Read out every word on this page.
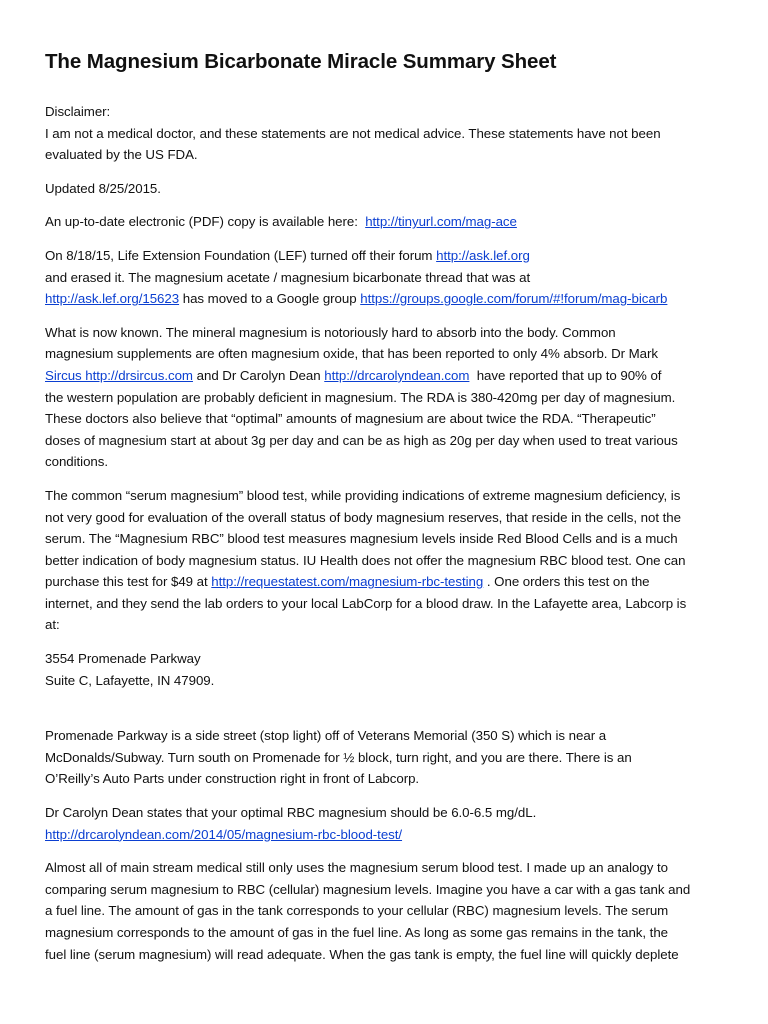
The Magnesium Bicarbonate Miracle Summary Sheet
Disclaimer:
I am not a medical doctor, and these statements are not medical advice. These statements have not been
evaluated by the US FDA.
Updated 8/25/2015.
An up-to-date electronic (PDF) copy is available here: http://tinyurl.com/mag-ace
On 8/18/15, Life Extension Foundation (LEF) turned off their forum http://ask.lef.org
and erased it. The magnesium acetate / magnesium bicarbonate thread that was at
http://ask.lef.org/15623 has moved to a Google group https://groups.google.com/forum/#!forum/mag-bicarb
What is now known. The mineral magnesium is notoriously hard to absorb into the body. Common
magnesium supplements are often magnesium oxide, that has been reported to only 4% absorb. Dr Mark
Sircus http://drsircus.com and Dr Carolyn Dean http://drcarolyndean.com have reported that up to 90% of
the western population are probably deficient in magnesium. The RDA is 380-420mg per day of magnesium.
These doctors also believe that “optimal” amounts of magnesium are about twice the RDA. “Therapeutic”
doses of magnesium start at about 3g per day and can be as high as 20g per day when used to treat various
conditions.
The common “serum magnesium” blood test, while providing indications of extreme magnesium deficiency, is
not very good for evaluation of the overall status of body magnesium reserves, that reside in the cells, not the
serum. The “Magnesium RBC” blood test measures magnesium levels inside Red Blood Cells and is a much
better indication of body magnesium status. IU Health does not offer the magnesium RBC blood test. One can
purchase this test for $49 at http://requestatest.com/magnesium-rbc-testing . One orders this test on the
internet, and they send the lab orders to your local LabCorp for a blood draw. In the Lafayette area, Labcorp is
at:
3554 Promenade Parkway
Suite C, Lafayette, IN 47909.
Promenade Parkway is a side street (stop light) off of Veterans Memorial (350 S) which is near a
McDonalds/Subway. Turn south on Promenade for ½ block, turn right, and you are there. There is an
O’Reilly’s Auto Parts under construction right in front of Labcorp.
Dr Carolyn Dean states that your optimal RBC magnesium should be 6.0-6.5 mg/dL.
http://drcarolyndean.com/2014/05/magnesium-rbc-blood-test/
Almost all of main stream medical still only uses the magnesium serum blood test. I made up an analogy to
comparing serum magnesium to RBC (cellular) magnesium levels. Imagine you have a car with a gas tank and
a fuel line. The amount of gas in the tank corresponds to your cellular (RBC) magnesium levels. The serum
magnesium corresponds to the amount of gas in the fuel line. As long as some gas remains in the tank, the
fuel line (serum magnesium) will read adequate. When the gas tank is empty, the fuel line will quickly deplete
